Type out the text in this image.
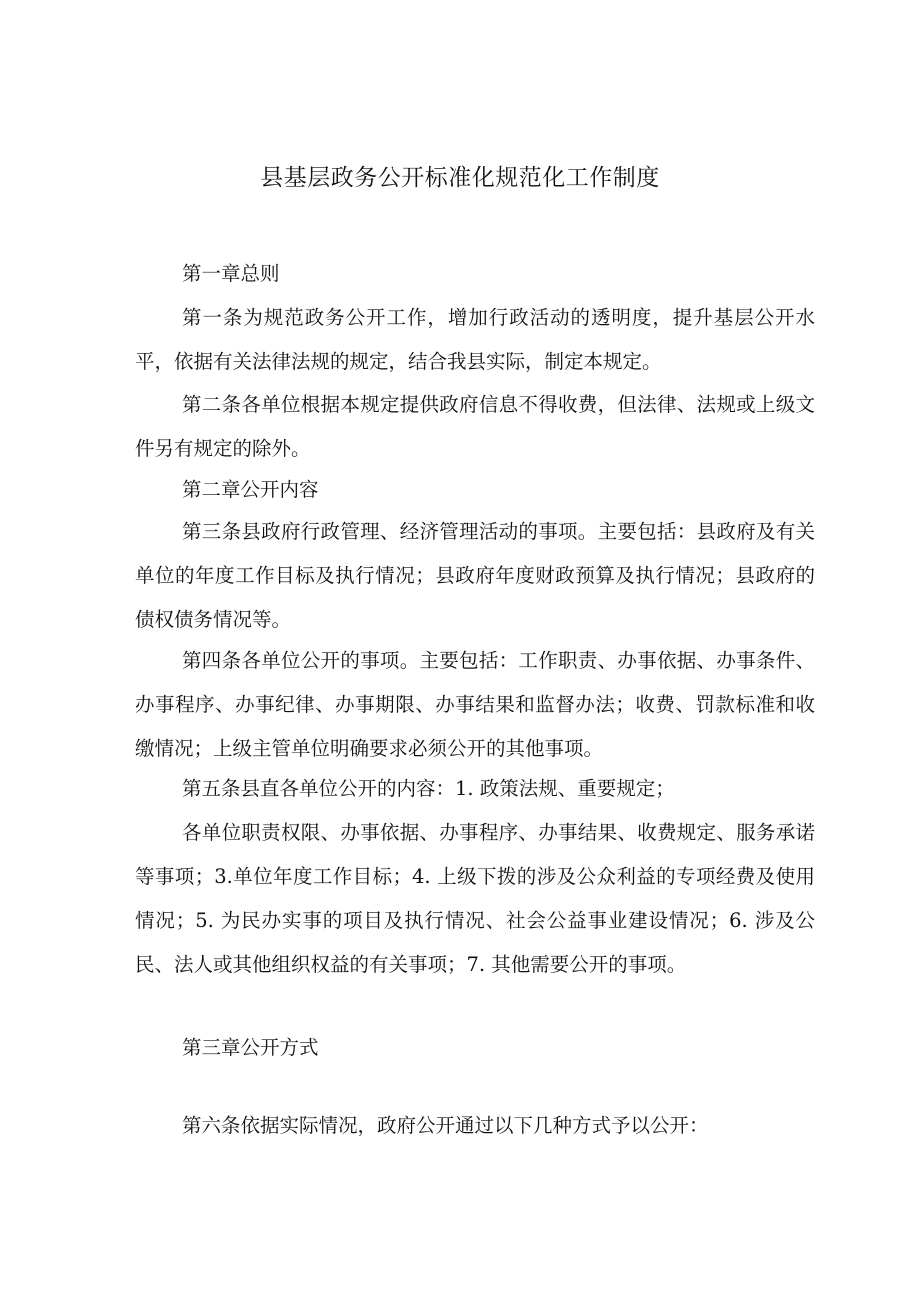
县基层政务公开标准化规范化工作制度

第一章总则

第一条为规范政务公开工作，增加行政活动的透明度，提升基层公开水平，依据有关法律法规的规定，结合我县实际，制定本规定。

第二条各单位根据本规定提供政府信息不得收费，但法律、法规或上级文件另有规定的除外。

第二章公开内容

第三条县政府行政管理、经济管理活动的事项。主要包括：县政府及有关单位的年度工作目标及执行情况；县政府年度财政预算及执行情况；县政府的债权债务情况等。

第四条各单位公开的事项。主要包括：工作职责、办事依据、办事条件、办事程序、办事纪律、办事期限、办事结果和监督办法；收费、罚款标准和收缴情况；上级主管单位明确要求必须公开的其他事项。

第五条县直各单位公开的内容：1. 政策法规、重要规定；

各单位职责权限、办事依据、办事程序、办事结果、收费规定、服务承诺等事项；3.单位年度工作目标；4. 上级下拨的涉及公众利益的专项经费及使用情况；5. 为民办实事的项目及执行情况、社会公益事业建设情况；6. 涉及公民、法人或其他组织权益的有关事项；7. 其他需要公开的事项。

第三章公开方式

第六条依据实际情况，政府公开通过以下几种方式予以公开：
